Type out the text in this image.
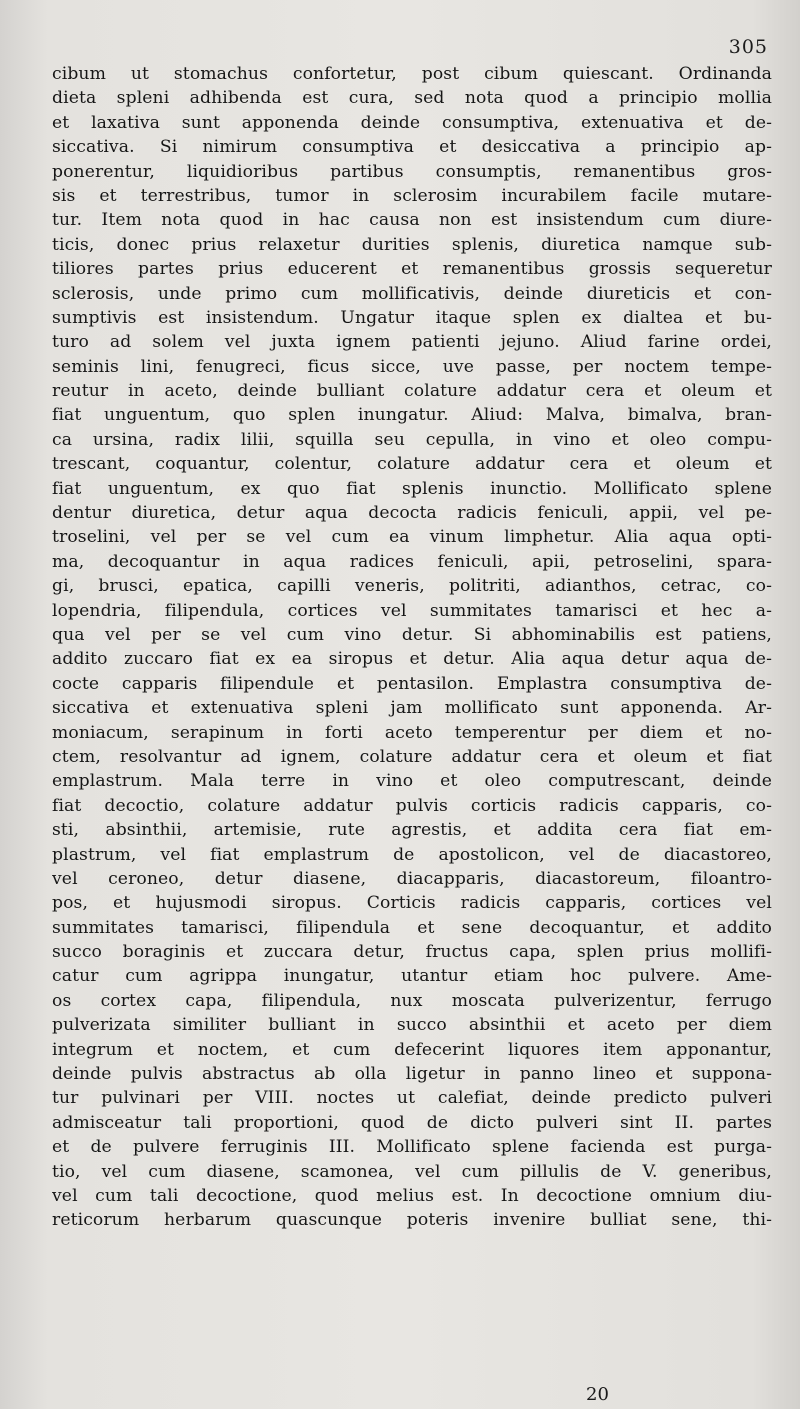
305
cibum ut stomachus confortetur, post cibum quiescant. Ordinanda
dieta spleni adhibenda est cura, sed nota quod a principio mollia
et laxativa sunt apponenda deinde consumptiva, extenuativa et de-
siccativa. Si nimirum consumptiva et desiccativa a principio ap-
ponerentur, liquidioribus partibus consumptis, remanentibus gros-
sis et terrestribus, tumor in sclerosim incurabilem facile mutare-
tur. Item nota quod in hac causa non est insistendum cum diure-
ticis, donec prius relaxetur durities splenis, diuretica namque sub-
tiliores partes prius educerent et remanentibus grossis sequeretur
sclerosis, unde primo cum mollificativis, deinde diureticis et con-
sumptivis est insistendum. Ungatur itaque splen ex dialtea et bu-
turo ad solem vel juxta ignem patienti jejuno. Aliud farine ordei,
seminis lini, fenugreci, ficus sicce, uve passe, per noctem tempe-
reutur in aceto, deinde bulliant colature addatur cera et oleum et
fiat unguentum, quo splen inungatur. Aliud: Malva, bimalva, bran-
ca ursina, radix lilii, squilla seu cepulla, in vino et oleo compu-
trescant, coquantur, colentur, colature addatur cera et oleum et
fiat unguentum, ex quo fiat splenis inunctio. Mollificato splene
dentur diuretica, detur aqua decocta radicis feniculi, appii, vel pe-
troselini, vel per se vel cum ea vinum limphetur. Alia aqua opti-
ma, decoquantur in aqua radices feniculi, apii, petroselini, spara-
gi, brusci, epatica, capilli veneris, politriti, adianthos, cetrac, co-
lopendria, filipendula, cortices vel summitates tamarisci et hec a-
qua vel per se vel cum vino detur. Si abhominabilis est patiens,
addito zuccaro fiat ex ea siropus et detur. Alia aqua detur aqua de-
cocte capparis filipendule et pentasilon. Emplastra consumptiva de-
siccativa et extenuativa spleni jam mollificato sunt apponenda. Ar-
moniacum, serapinum in forti aceto temperentur per diem et no-
ctem, resolvantur ad ignem, colature addatur cera et oleum et fiat
emplastrum. Mala terre in vino et oleo computrescant, deinde
fiat decoctio, colature addatur pulvis corticis radicis capparis, co-
sti, absinthii, artemisie, rute agrestis, et addita cera fiat em-
plastrum, vel fiat emplastrum de apostolicon, vel de diacastoreo,
vel ceroneo, detur diasene, diacapparis, diacastoreum, filoantro-
pos, et hujusmodi siropus. Corticis radicis capparis, cortices vel
summitates tamarisci, filipendula et sene decoquantur, et addito
succo boraginis et zuccara detur, fructus capa, splen prius mollifi-
catur cum agrippa inungatur, utantur etiam hoc pulvere. Ame-
os cortex capa, filipendula, nux moscata pulverizentur, ferrugo
pulverizata similiter bulliant in succo absinthii et aceto per diem
integrum et noctem, et cum defecerint liquores item apponantur,
deinde pulvis abstractus ab olla ligetur in panno lineo et suppona-
tur pulvinari per VIII. noctes ut calefiat, deinde predicto pulveri
admisceatur tali proportioni, quod de dicto pulveri sint II. partes
et de pulvere ferruginis III. Mollificato splene facienda est purga-
tio, vel cum diasene, scamonea, vel cum pillulis de V. generibus,
vel cum tali decoctione, quod melius est. In decoctione omnium diu-
reticorum herbarum quascunque poteris invenire bulliat sene, thi-
20
